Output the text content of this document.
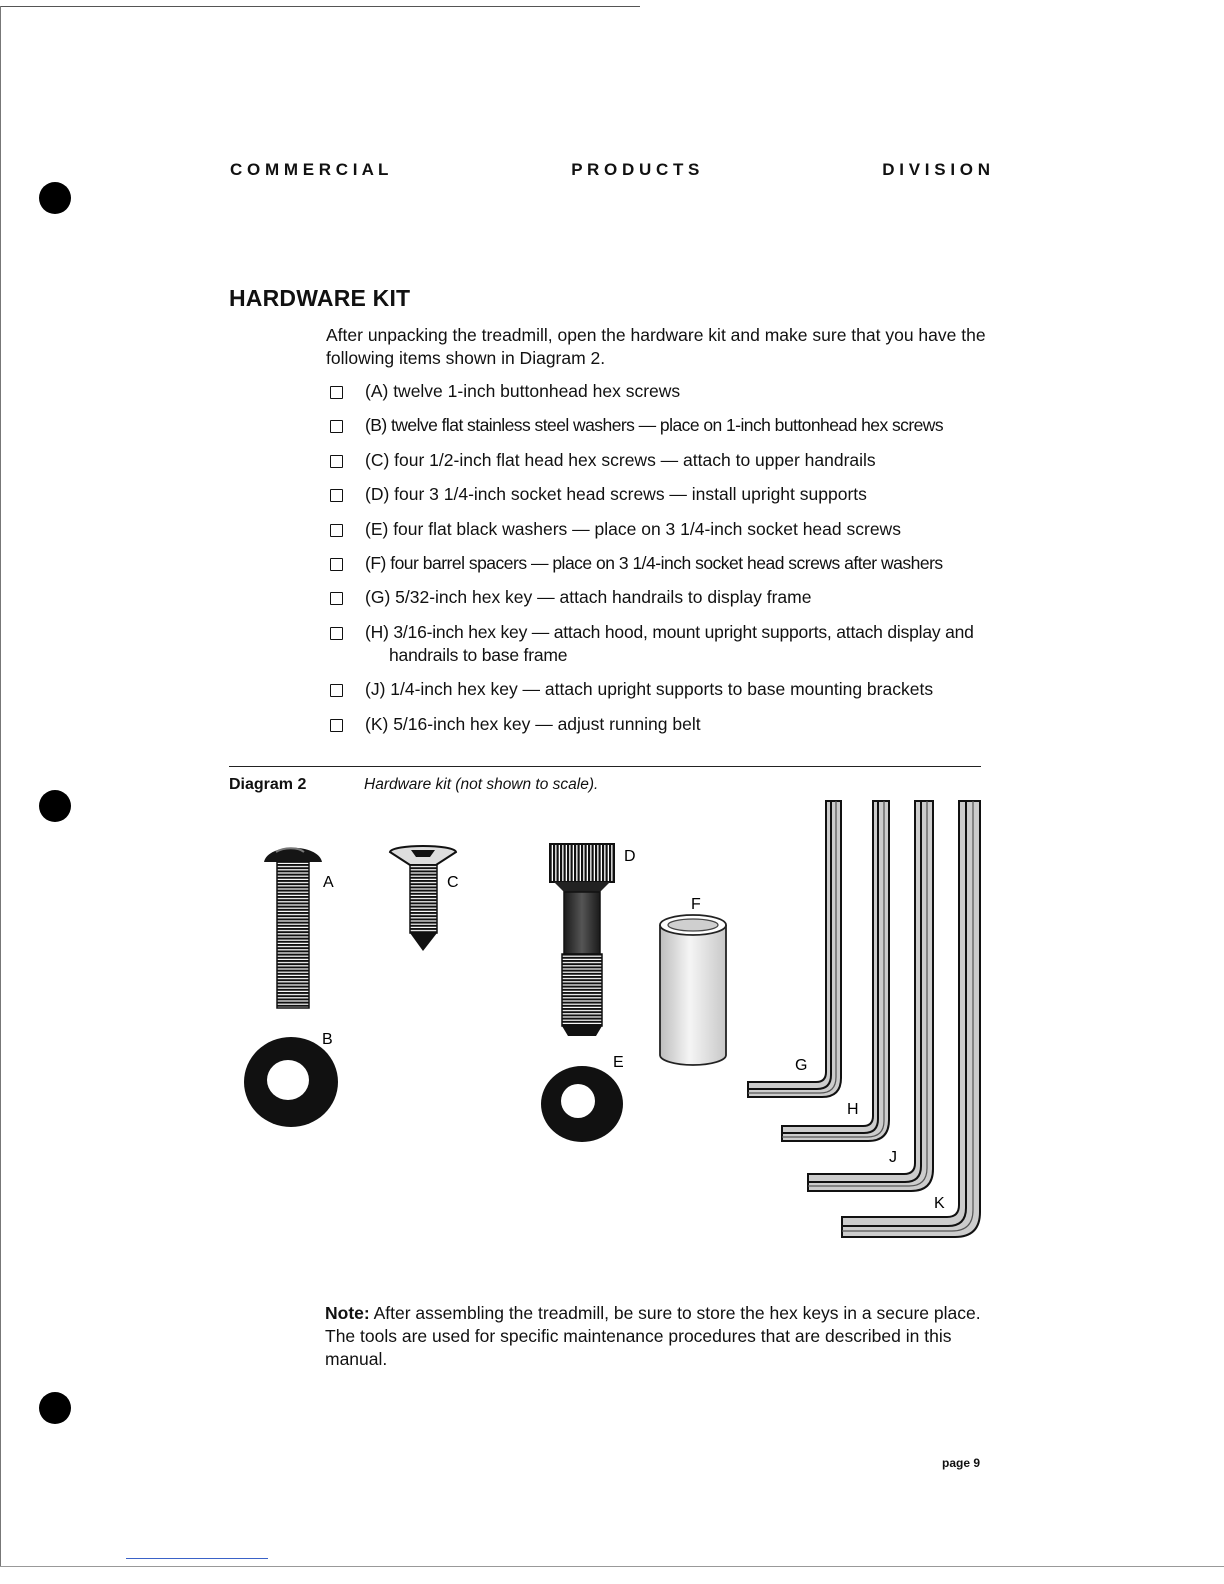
C O M M E R C I A L	P R O D U C T S	D I V I S I O N
HARDWARE KIT
After unpacking the treadmill, open the hardware kit and make sure that you have the following items shown in Diagram 2.
(A) twelve 1-inch buttonhead hex screws
(B) twelve flat stainless steel washers — place on 1-inch buttonhead hex screws
(C) four 1/2-inch flat head hex screws — attach to upper handrails
(D) four 3 1/4-inch socket head screws — install upright supports
(E) four flat black washers — place on 3 1/4-inch socket head screws
(F) four barrel spacers — place on 3 1/4-inch socket head screws after washers
(G) 5/32-inch hex key — attach handrails to display frame
(H) 3/16-inch hex key — attach hood, mount upright supports, attach display and handrails to base frame
(J) 1/4-inch hex key — attach upright supports to base mounting brackets
(K) 5/16-inch hex key — adjust running belt
Diagram 2	Hardware kit (not shown to scale).
A
B
C
D
E
F
G
H
J
K
Note: After assembling the treadmill, be sure to store the hex keys in a secure place. The tools are used for specific maintenance procedures that are described in this manual.
page 9
